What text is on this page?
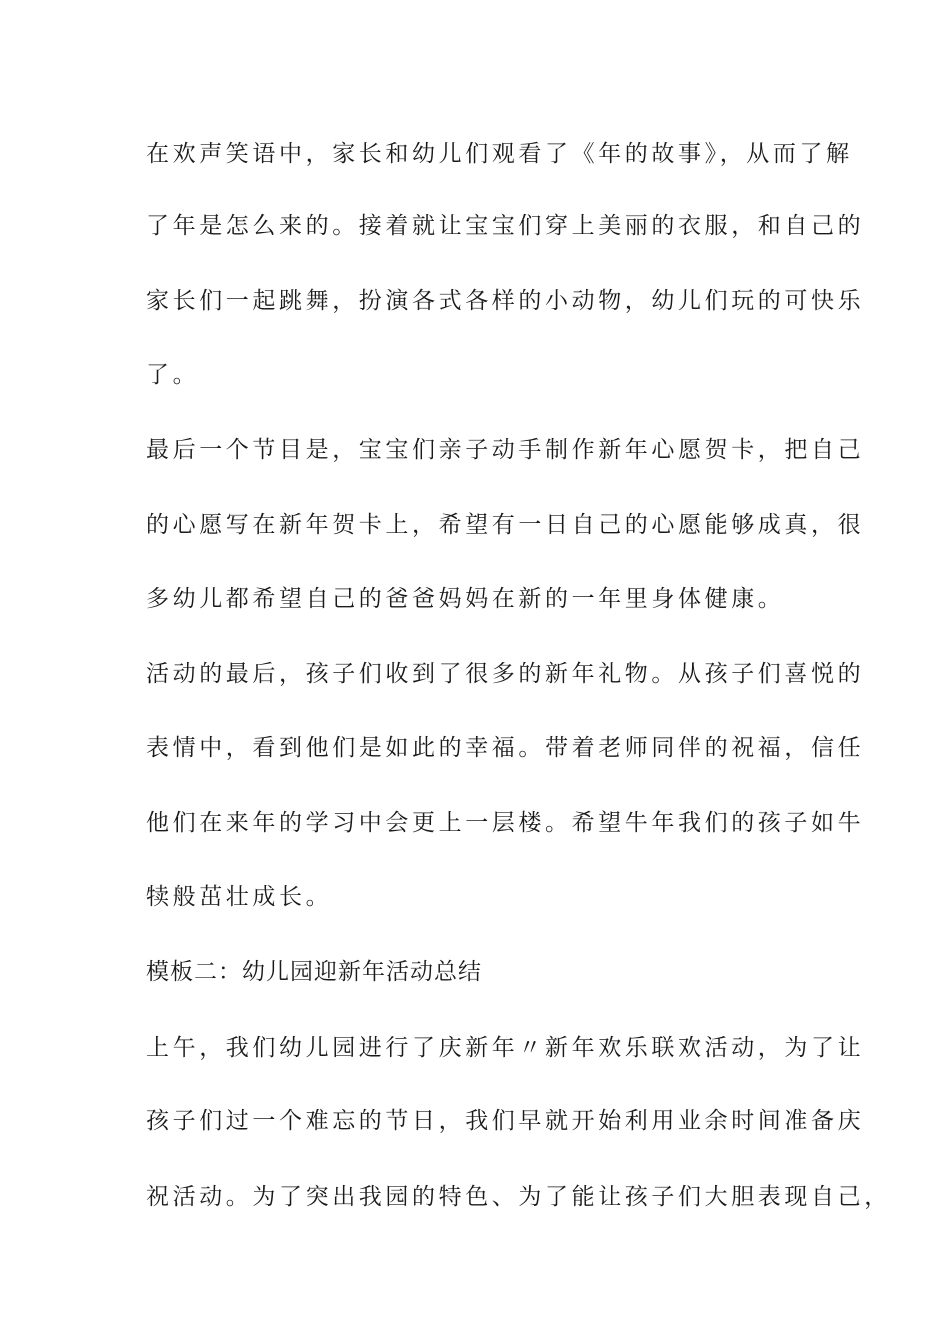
在欢声笑语中，家长和幼儿们观看了《年的故事》，从而了解
了年是怎么来的。接着就让宝宝们穿上美丽的衣服，和自己的
家长们一起跳舞，扮演各式各样的小动物，幼儿们玩的可快乐
了。
最后一个节目是，宝宝们亲子动手制作新年心愿贺卡，把自己
的心愿写在新年贺卡上，希望有一日自己的心愿能够成真，很
多幼儿都希望自己的爸爸妈妈在新的一年里身体健康。
活动的最后，孩子们收到了很多的新年礼物。从孩子们喜悦的
表情中，看到他们是如此的幸福。带着老师同伴的祝福，信任
他们在来年的学习中会更上一层楼。希望牛年我们的孩子如牛
犊般茁壮成长。
模板二：幼儿园迎新年活动总结
上午，我们幼儿园进行了庆新年〃新年欢乐联欢活动，为了让
孩子们过一个难忘的节日，我们早就开始利用业余时间准备庆
祝活动。为了突出我园的特色、为了能让孩子们大胆表现自己，
